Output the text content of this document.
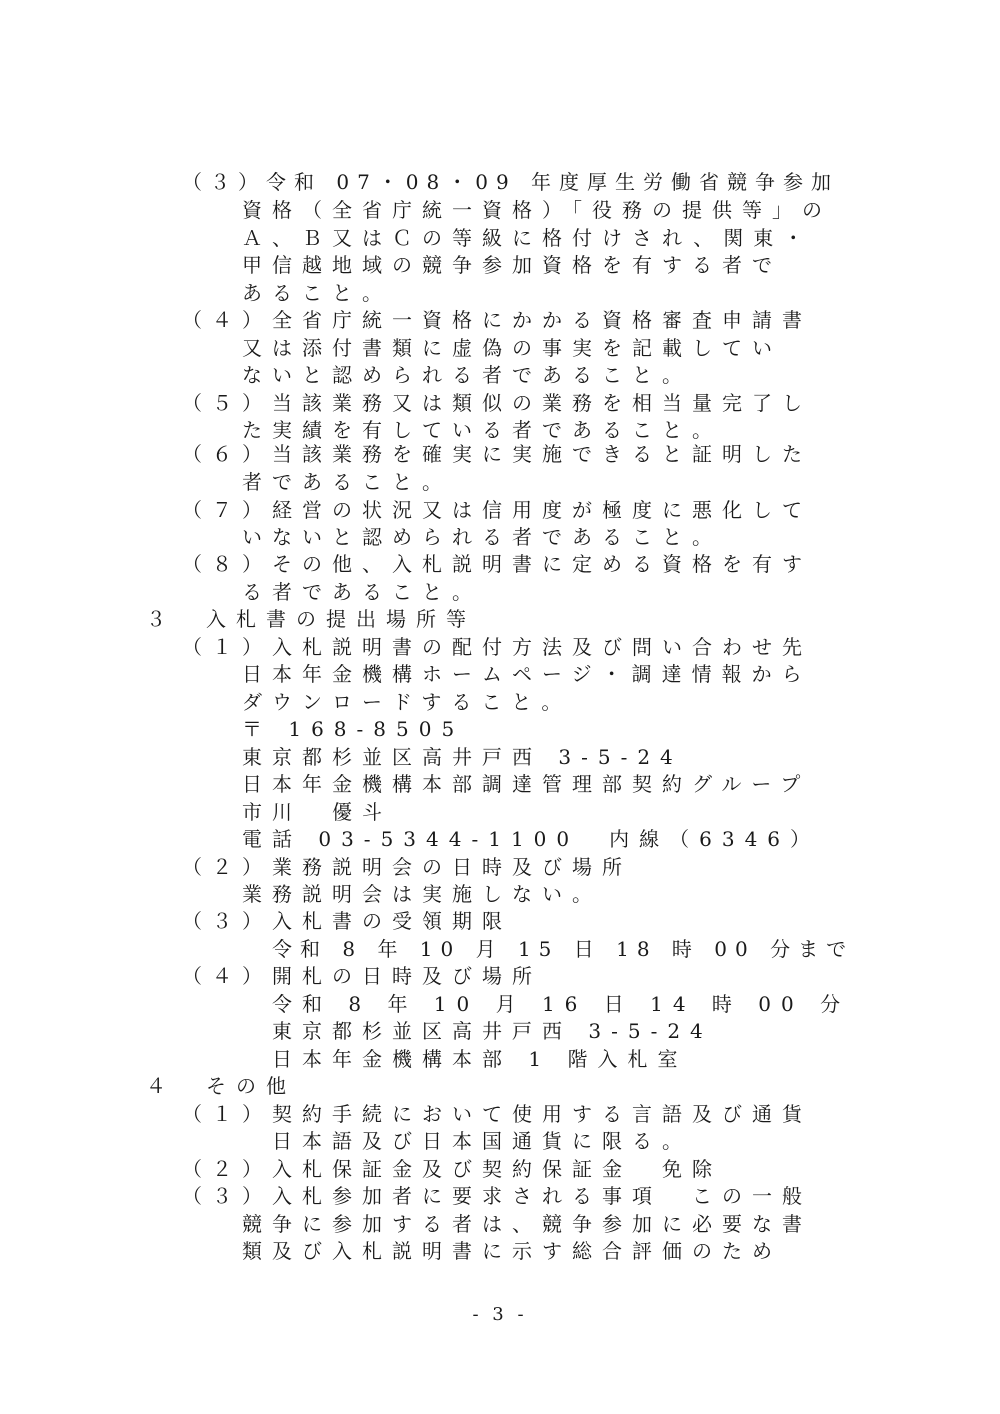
（３）令和 07・08・09 年度厚生労働省競争参加
資格（全省庁統一資格）「役務の提供等」の
Ａ、Ｂ又はＣの等級に格付けされ、関東・
甲信越地域の競争参加資格を有する者で
あること。
（４）全省庁統一資格にかかる資格審査申請書
又は添付書類に虚偽の事実を記載してい
ないと認められる者であること。
（５）当該業務又は類似の業務を相当量完了し
た実績を有している者であること。
（６）当該業務を確実に実施できると証明した
者であること。
（７）経営の状況又は信用度が極度に悪化して
いないと認められる者であること。
（８）その他、入札説明書に定める資格を有す
る者であること。
３　入札書の提出場所等
（１）入札説明書の配付方法及び問い合わせ先
日本年金機構ホームページ・調達情報から
ダウンロードすること。
〒 168-8505
東京都杉並区高井戸西 3-5-24
日本年金機構本部調達管理部契約グループ
市川　優斗
電話 03-5344-1100　内線（6346）
（２）業務説明会の日時及び場所
業務説明会は実施しない。
（３）入札書の受領期限
令和 8 年 10 月 15 日 18 時 00 分まで
（４）開札の日時及び場所
令和 8 年 10 月 16 日 14 時 00 分
東京都杉並区高井戸西 3-5-24
日本年金機構本部 1 階入札室
４　その他
（１）契約手続において使用する言語及び通貨
日本語及び日本国通貨に限る。
（２）入札保証金及び契約保証金　免除
（３）入札参加者に要求される事項　この一般
競争に参加する者は、競争参加に必要な書
類及び入札説明書に示す総合評価のため
- 3 -
